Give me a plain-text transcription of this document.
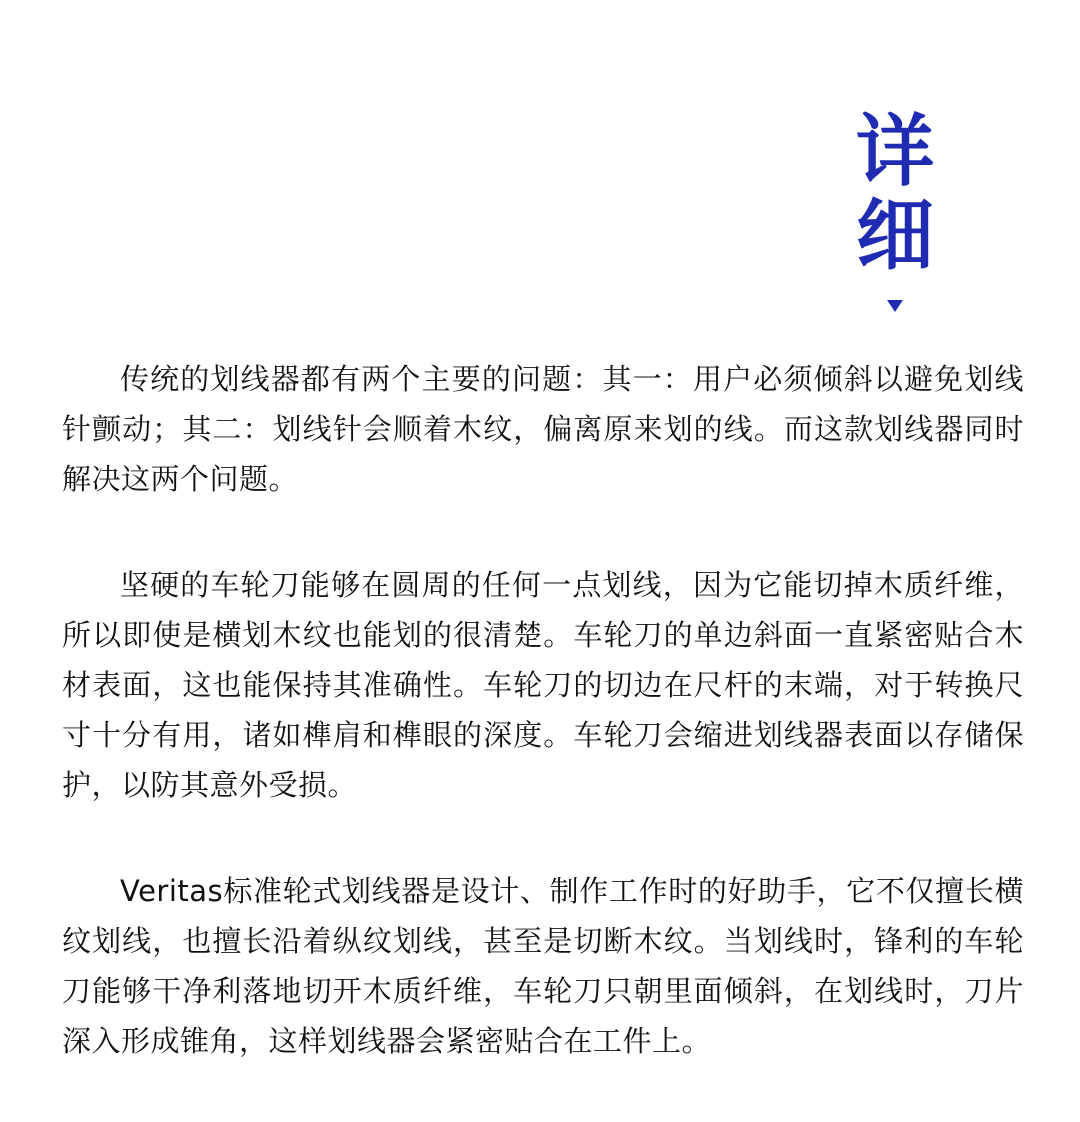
详
细

传统的划线器都有两个主要的问题：其一：用户必须倾斜以避免划线针颤动；其二：划线针会顺着木纹，偏离原来划的线。而这款划线器同时解决这两个问题。

坚硬的车轮刀能够在圆周的任何一点划线，因为它能切掉木质纤维，所以即使是横划木纹也能划的很清楚。车轮刀的单边斜面一直紧密贴合木材表面，这也能保持其准确性。车轮刀的切边在尺杆的末端，对于转换尺寸十分有用，诸如榫肩和榫眼的深度。车轮刀会缩进划线器表面以存储保护，以防其意外受损。

Veritas标准轮式划线器是设计、制作工作时的好助手，它不仅擅长横纹划线，也擅长沿着纵纹划线，甚至是切断木纹。当划线时，锋利的车轮刀能够干净利落地切开木质纤维，车轮刀只朝里面倾斜，在划线时，刀片深入形成锥角，这样划线器会紧密贴合在工件上。
